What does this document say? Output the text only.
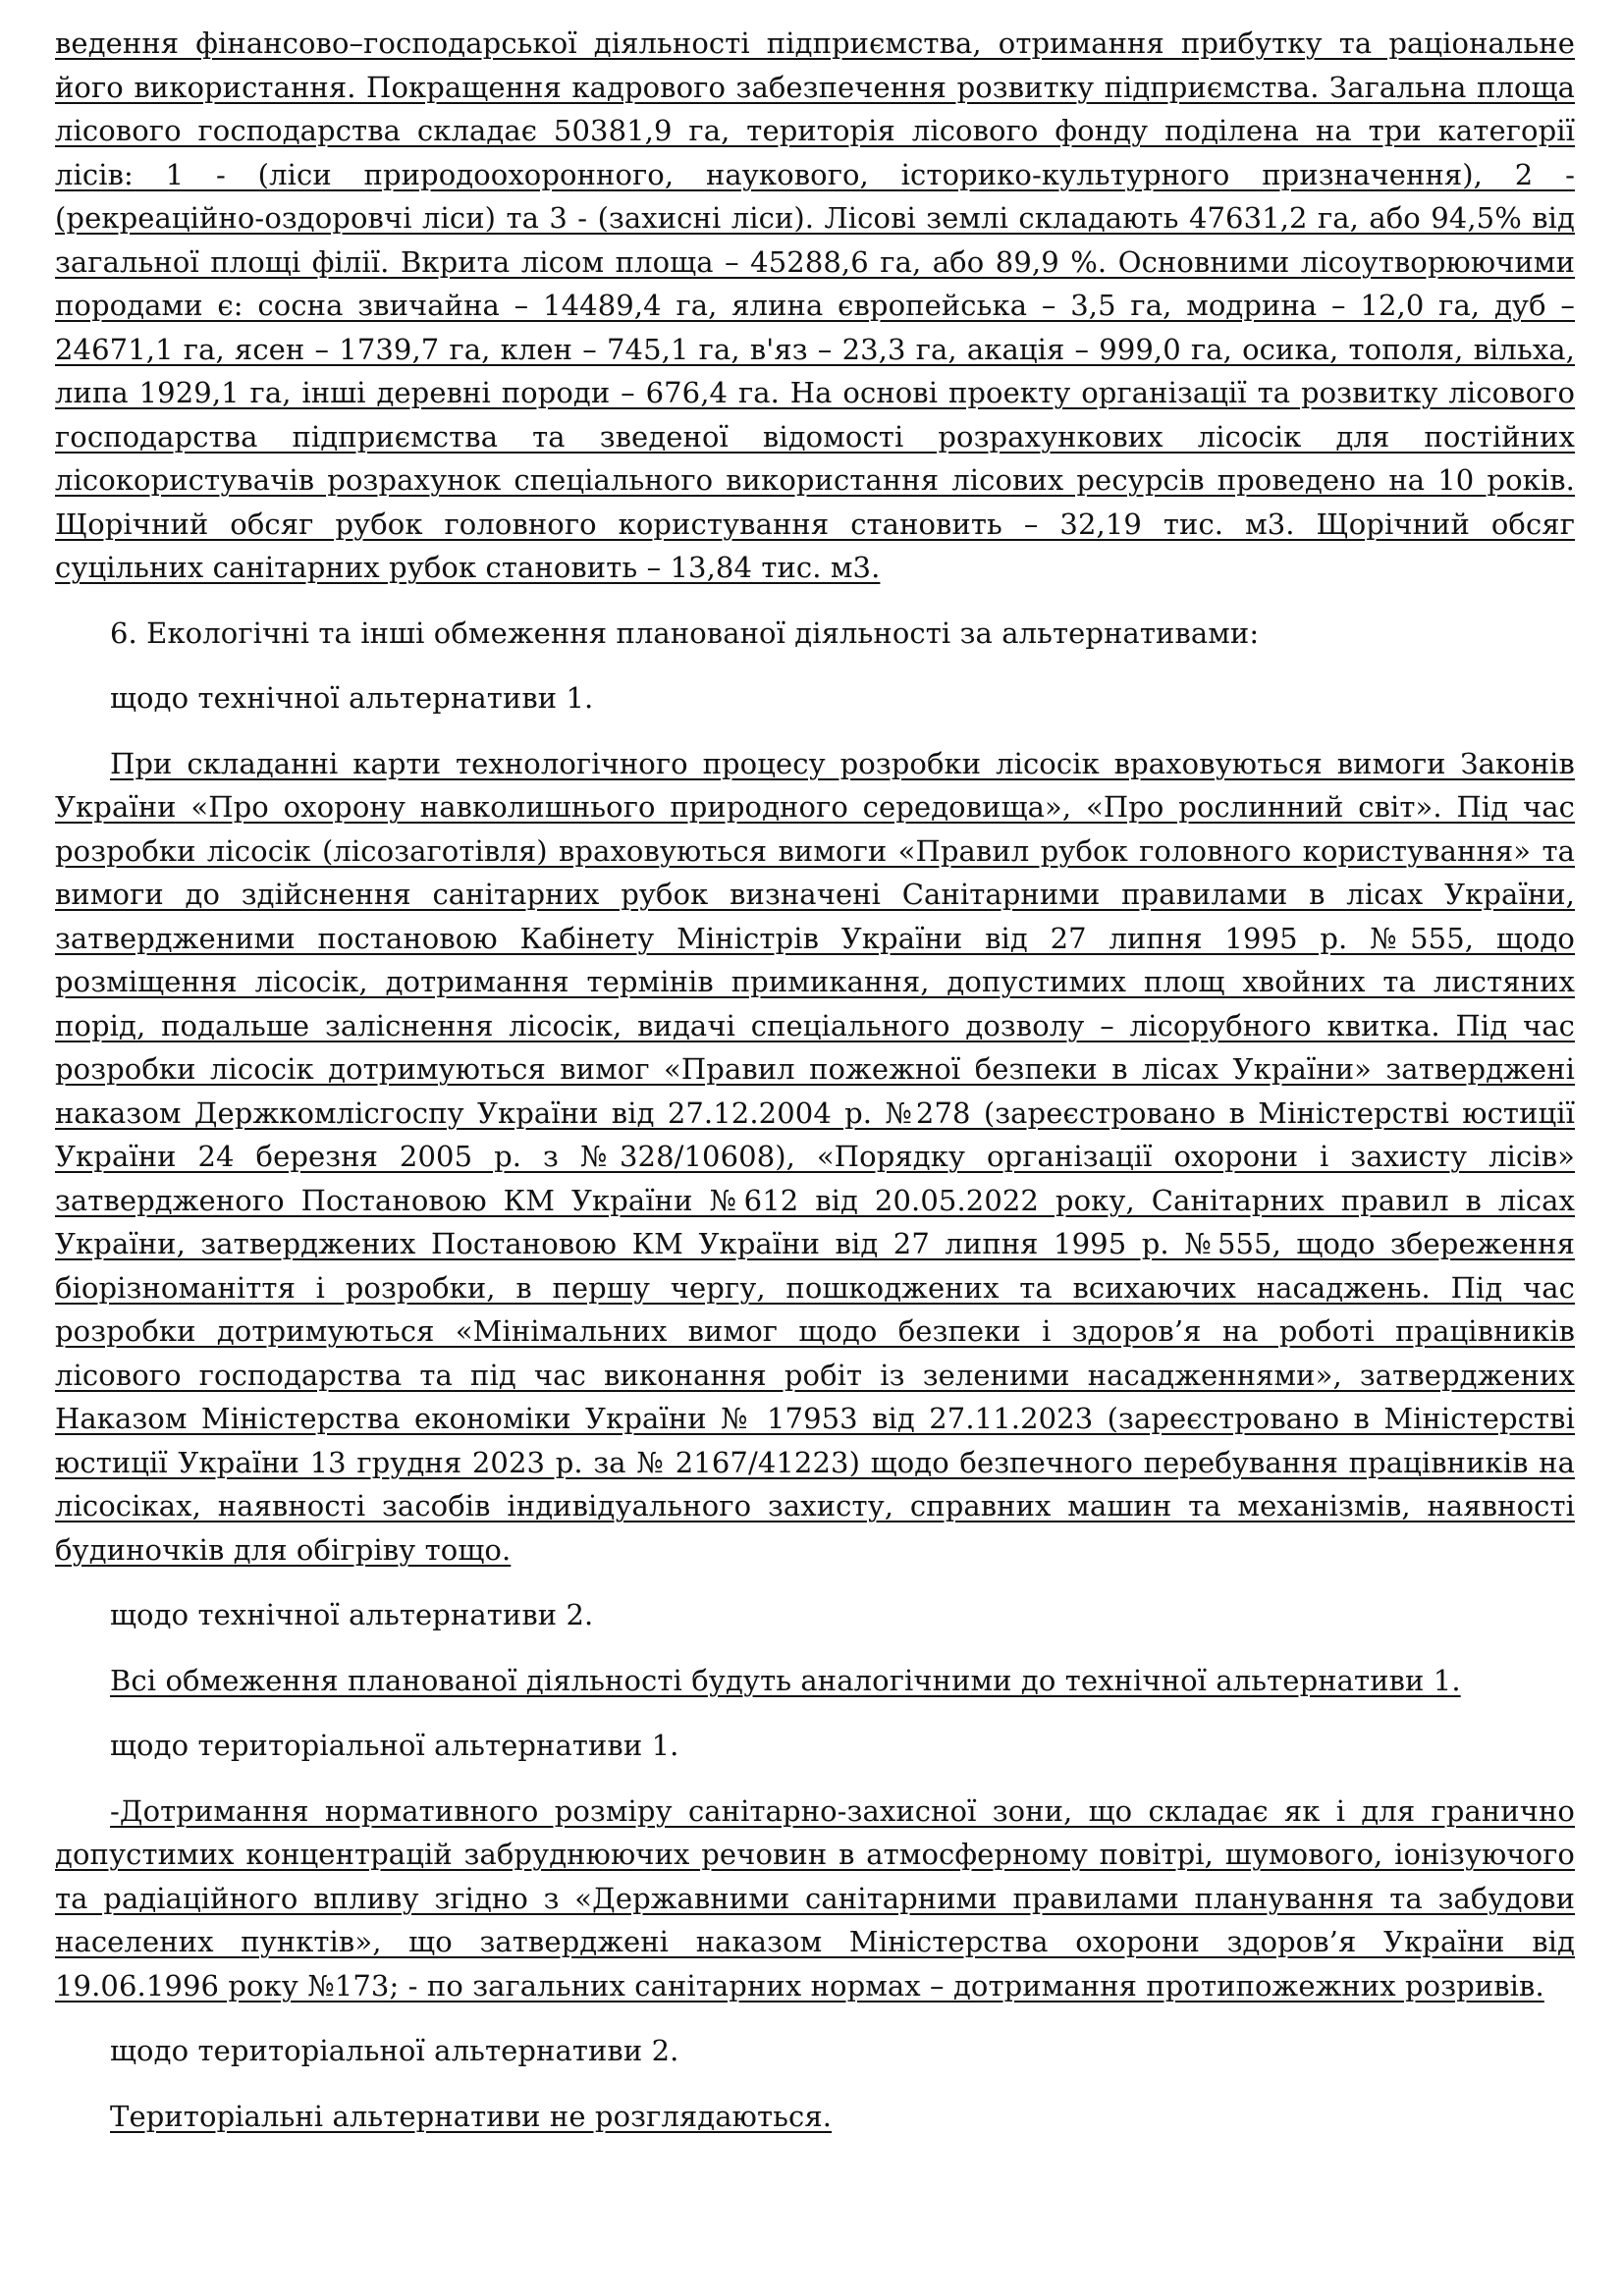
ведення фінансово–господарської діяльності підприємства, отримання прибутку та раціональне його використання. Покращення кадрового забезпечення розвитку підприємства. Загальна площа лісового господарства складає 50381,9 га, територія лісового фонду поділена на три категорії лісів: 1 - (ліси природоохоронного, наукового, історико-культурного призначення), 2 - (рекреаційно-оздоровчі ліси) та 3 - (захисні ліси). Лісові землі складають 47631,2 га, або 94,5% від загальної площі філії. Вкрита лісом площа – 45288,6 га, або 89,9 %. Основними лісоутворюючими породами є: сосна звичайна – 14489,4 га, ялина європейська – 3,5 га, модрина – 12,0 га, дуб – 24671,1 га, ясен – 1739,7 га, клен – 745,1 га, в'яз – 23,3 га, акація – 999,0 га, осика, тополя, вільха, липа 1929,1 га, інші деревні породи – 676,4 га. На основі проекту організації та розвитку лісового господарства підприємства та зведеної відомості розрахункових лісосік для постійних лісокористувачів розрахунок спеціального використання лісових ресурсів проведено на 10 років. Щорічний обсяг рубок головного користування становить – 32,19 тис. м3. Щорічний обсяг суцільних санітарних рубок становить – 13,84 тис. м3.

6. Екологічні та інші обмеження планованої діяльності за альтернативами:

щодо технічної альтернативи 1.

При складанні карти технологічного процесу розробки лісосік враховуються вимоги Законів України «Про охорону навколишнього природного середовища», «Про рослинний світ». Під час розробки лісосік (лісозаготівля) враховуються вимоги «Правил рубок головного користування» та вимоги до здійснення санітарних рубок визначені Санітарними правилами в лісах України, затвердженими постановою Кабінету Міністрів України від 27 липня 1995 р. №555, щодо розміщення лісосік, дотримання термінів примикання, допустимих площ хвойних та листяних порід, подальше заліснення лісосік, видачі спеціального дозволу – лісорубного квитка. Під час розробки лісосік дотримуються вимог «Правил пожежної безпеки в лісах України» затверджені наказом Держкомлісгоспу України від 27.12.2004 р. №278 (зареєстровано в Міністерстві юстиції України 24 березня 2005 р. з №328/10608), «Порядку організації охорони і захисту лісів» затвердженого Постановою КМ України №612 від 20.05.2022 року, Санітарних правил в лісах України, затверджених Постановою КМ України від 27 липня 1995 р. №555, щодо збереження біорізноманіття і розробки, в першу чергу, пошкоджених та всихаючих насаджень. Під час розробки дотримуються «Мінімальних вимог щодо безпеки і здоров’я на роботі працівників лісового господарства та під час виконання робіт із зеленими насадженнями», затверджених Наказом Міністерства економіки України № 17953 від 27.11.2023 (зареєстровано в Міністерстві юстиції України 13 грудня 2023 р. за № 2167/41223) щодо безпечного перебування працівників на лісосіках, наявності засобів індивідуального захисту, справних машин та механізмів, наявності будиночків для обігріву тощо.

щодо технічної альтернативи 2.

Всі обмеження планованої діяльності будуть аналогічними до технічної альтернативи 1.

щодо територіальної альтернативи 1.

-Дотримання нормативного розміру санітарно-захисної зони, що складає як і для гранично допустимих концентрацій забруднюючих речовин в атмосферному повітрі, шумового, іонізуючого та радіаційного впливу згідно з «Державними санітарними правилами планування та забудови населених пунктів», що затверджені наказом Міністерства охорони здоров’я України від 19.06.1996 року №173; - по загальних санітарних нормах – дотримання протипожежних розривів.

щодо територіальної альтернативи 2.

Територіальні альтернативи не розглядаються.
